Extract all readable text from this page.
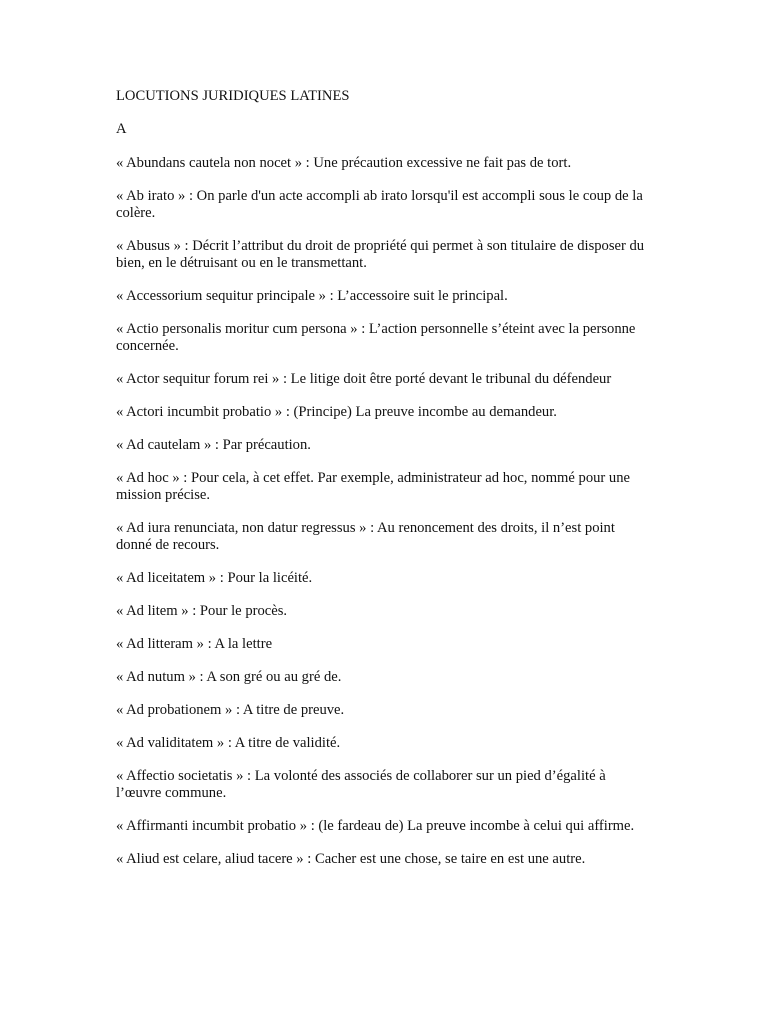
LOCUTIONS JURIDIQUES LATINES
A
« Abundans cautela non nocet » : Une précaution excessive ne fait pas de tort.
« Ab irato » : On parle d'un acte accompli ab irato lorsqu'il est accompli sous le coup de la colère.
« Abusus » : Décrit l’attribut du droit de propriété qui permet à son titulaire de disposer du bien, en le détruisant ou en le transmettant.
« Accessorium sequitur principale » : L’accessoire suit le principal.
« Actio personalis moritur cum persona » : L’action personnelle s’éteint avec la personne concernée.
« Actor sequitur forum rei » : Le litige doit être porté devant le tribunal du défendeur
« Actori incumbit probatio » : (Principe) La preuve incombe au demandeur.
« Ad cautelam » : Par précaution.
« Ad hoc » : Pour cela, à cet effet. Par exemple, administrateur ad hoc, nommé pour une mission précise.
« Ad iura renunciata, non datur regressus » : Au renoncement des droits, il n’est point donné de recours.
« Ad liceitatem » : Pour la licéité.
« Ad litem » : Pour le procès.
« Ad litteram » : A la lettre
« Ad nutum » : A son gré ou au gré de.
« Ad probationem » : A titre de preuve.
« Ad validitatem » : A titre de validité.
« Affectio societatis » : La volonté des associés de collaborer sur un pied d’égalité à l’œuvre commune.
« Affirmanti incumbit probatio » : (le fardeau de) La preuve incombe à celui qui affirme.
« Aliud est celare, aliud tacere » : Cacher est une chose, se taire en est une autre.
